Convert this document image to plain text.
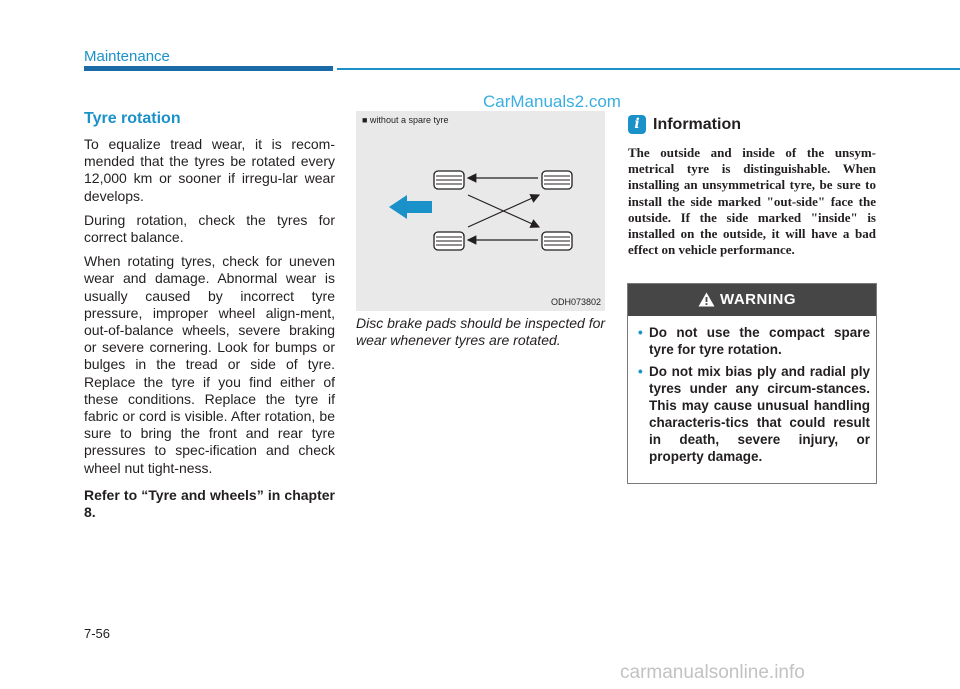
Maintenance
CarManuals2.com
Tyre rotation

To equalize tread wear, it is recom-mended that the tyres be rotated every 12,000 km or sooner if irregu-lar wear develops.

During rotation, check the tyres for correct balance.

When rotating tyres, check for uneven wear and damage. Abnormal wear is usually caused by incorrect tyre pressure, improper wheel align-ment, out-of-balance wheels, severe braking or severe cornering. Look for bumps or bulges in the tread or side of tyre. Replace the tyre if you find either of these conditions. Replace the tyre if fabric or cord is visible. After rotation, be sure to bring the front and rear tyre pressures to spec-ification and check wheel nut tight-ness.

Refer to “Tyre and wheels” in chapter 8.

■ without a spare tyre
ODH073802
Disc brake pads should be inspected for wear whenever tyres are rotated.
i Information
The outside and inside of the unsym-metrical tyre is distinguishable. When installing an unsymmetrical tyre, be sure to install the side marked "out-side" face the outside. If the side marked "inside" is installed on the outside, it will have a bad effect on vehicle performance.
WARNING
• Do not use the compact spare tyre for tyre rotation.
• Do not mix bias ply and radial ply tyres under any circum-stances. This may cause unusual handling characteris-tics that could result in death, severe injury, or property damage.
7-56
carmanualsonline.info
